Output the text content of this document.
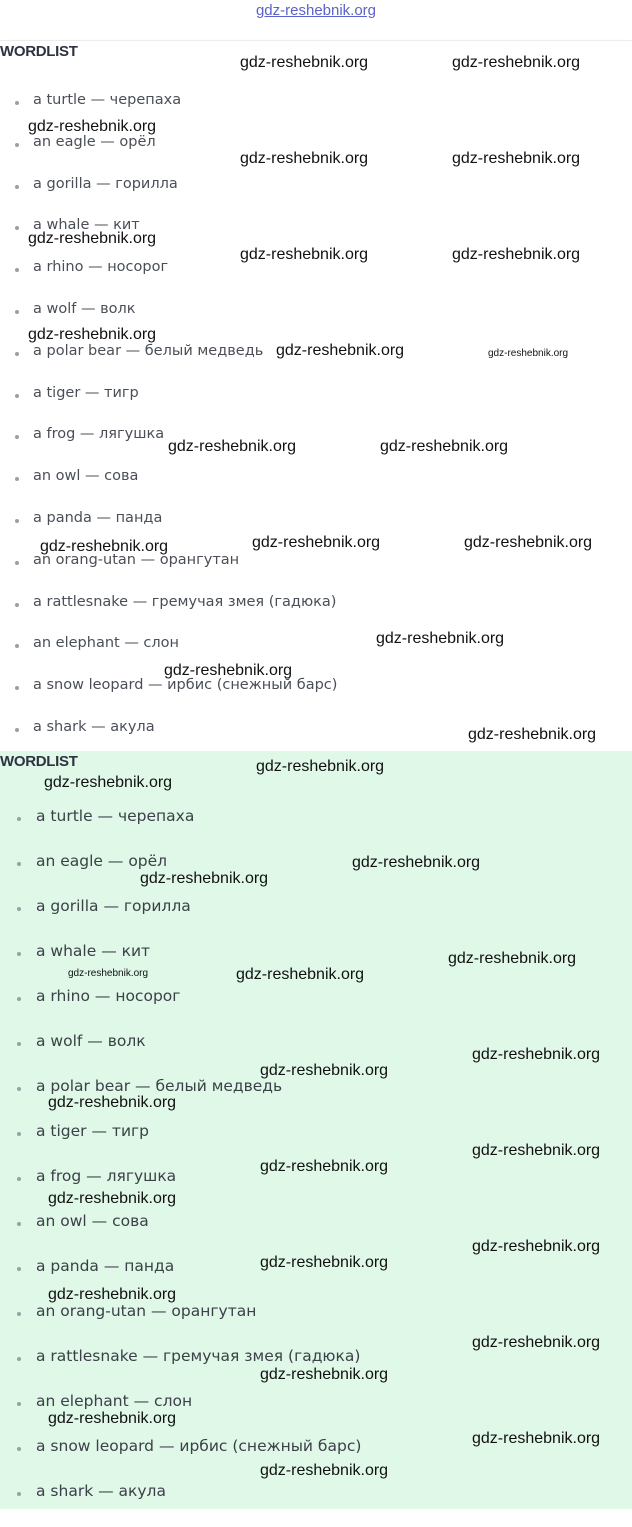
gdz-reshebnik.org
WORDLIST
a turtle — черепаха
an eagle — орёл
a gorilla — горилла
a whale — кит
a rhino — носорог
a wolf — волк
a polar bear — белый медведь
a tiger — тигр
a frog — лягушка
an owl — сова
a panda — панда
an orang-utan — орангутан
a rattlesnake — гремучая змея (гадюка)
an elephant — слон
a snow leopard — ирбис (снежный барс)
a shark — акула
WORDLIST
a turtle — черепаха
an eagle — орёл
a gorilla — горилла
a whale — кит
a rhino — носорог
a wolf — волк
a polar bear — белый медведь
a tiger — тигр
a frog — лягушка
an owl — сова
a panda — панда
an orang-utan — орангутан
a rattlesnake — гремучая змея (гадюка)
an elephant — слон
a snow leopard — ирбис (снежный барс)
a shark — акула
gdz-reshebnik.org	gdz-reshebnik.org
gdz-reshebnik.org
gdz-reshebnik.org	gdz-reshebnik.org
gdz-reshebnik.org
gdz-reshebnik.org	gdz-reshebnik.org
gdz-reshebnik.org
gdz-reshebnik.org	gdz-reshebnik.org
gdz-reshebnik.org	gdz-reshebnik.org
gdz-reshebnik.org	gdz-reshebnik.org	gdz-reshebnik.org
gdz-reshebnik.org
gdz-reshebnik.org
gdz-reshebnik.org
gdz-reshebnik.org
gdz-reshebnik.org
gdz-reshebnik.org
gdz-reshebnik.org
gdz-reshebnik.org
gdz-reshebnik.org	gdz-reshebnik.org
gdz-reshebnik.org
gdz-reshebnik.org
gdz-reshebnik.org
gdz-reshebnik.org
gdz-reshebnik.org
gdz-reshebnik.org
gdz-reshebnik.org
gdz-reshebnik.org
gdz-reshebnik.org
gdz-reshebnik.org
gdz-reshebnik.org
gdz-reshebnik.org
gdz-reshebnik.org
gdz-reshebnik.org
